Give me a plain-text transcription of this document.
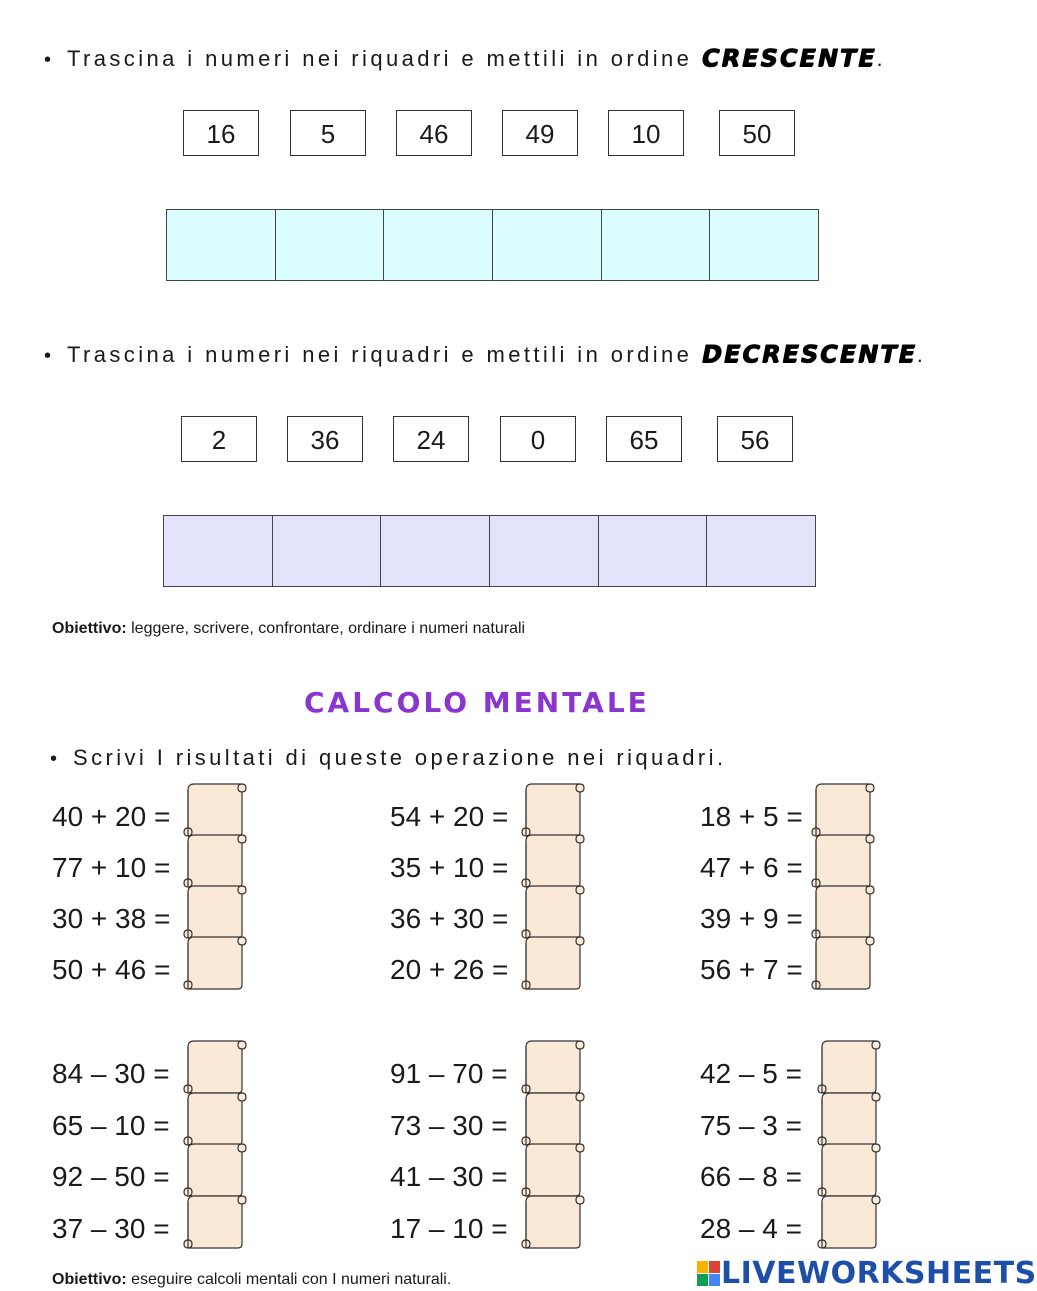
• Trascina i numeri nei riquadri e mettili in ordine CRESCENTE.
16	5	46	49	10	50
• Trascina i numeri nei riquadri e mettili in ordine DECRESCENTE.
2	36	24	0	65	56
Obiettivo: leggere, scrivere, confrontare, ordinare i numeri naturali
CALCOLO MENTALE
• Scrivi I risultati di queste operazione nei riquadri.
40 + 20 =
77 + 10 =
30 + 38 =
50 + 46 =
54 + 20 =
35 + 10 =
36 + 30 =
20 + 26 =
18 + 5 =
47 + 6 =
39 + 9 =
56 + 7 =
84 – 30 =
65 – 10 =
92 – 50 =
37 – 30 =
91 – 70 =
73 – 30 =
41 – 30 =
17 – 10 =
42 – 5 =
75 – 3 =
66 – 8 =
28 – 4 =
Obiettivo: eseguire calcoli mentali con I numeri naturali.	LIVEWORKSHEETS
